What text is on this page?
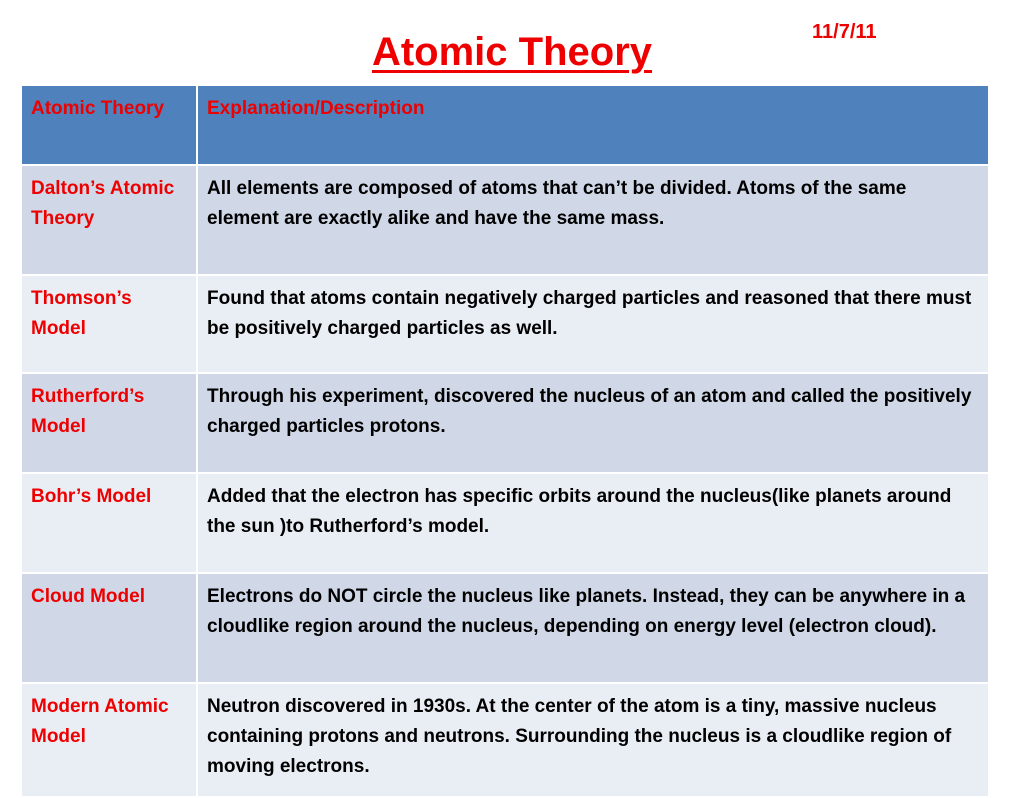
Atomic Theory	11/7/11
Atomic Theory	Explanation/Description
Dalton’s Atomic Theory	All elements are composed of atoms that can’t be divided. Atoms of the same element are exactly alike and have the same mass.
Thomson’s Model	Found that atoms contain negatively charged particles and reasoned that there must be positively charged particles as well.
Rutherford’s Model	Through his experiment, discovered the nucleus of an atom and called the positively charged particles protons.
Bohr’s Model	Added that the electron has specific orbits around the nucleus(like planets around the sun )to Rutherford’s model.
Cloud Model	Electrons do NOT circle the nucleus like planets. Instead, they can be anywhere in a cloudlike region around the nucleus, depending on energy level (electron cloud).
Modern Atomic Model	Neutron discovered in 1930s. At the center of the atom is a tiny, massive nucleus containing protons and neutrons. Surrounding the nucleus is a cloudlike region of moving electrons.
